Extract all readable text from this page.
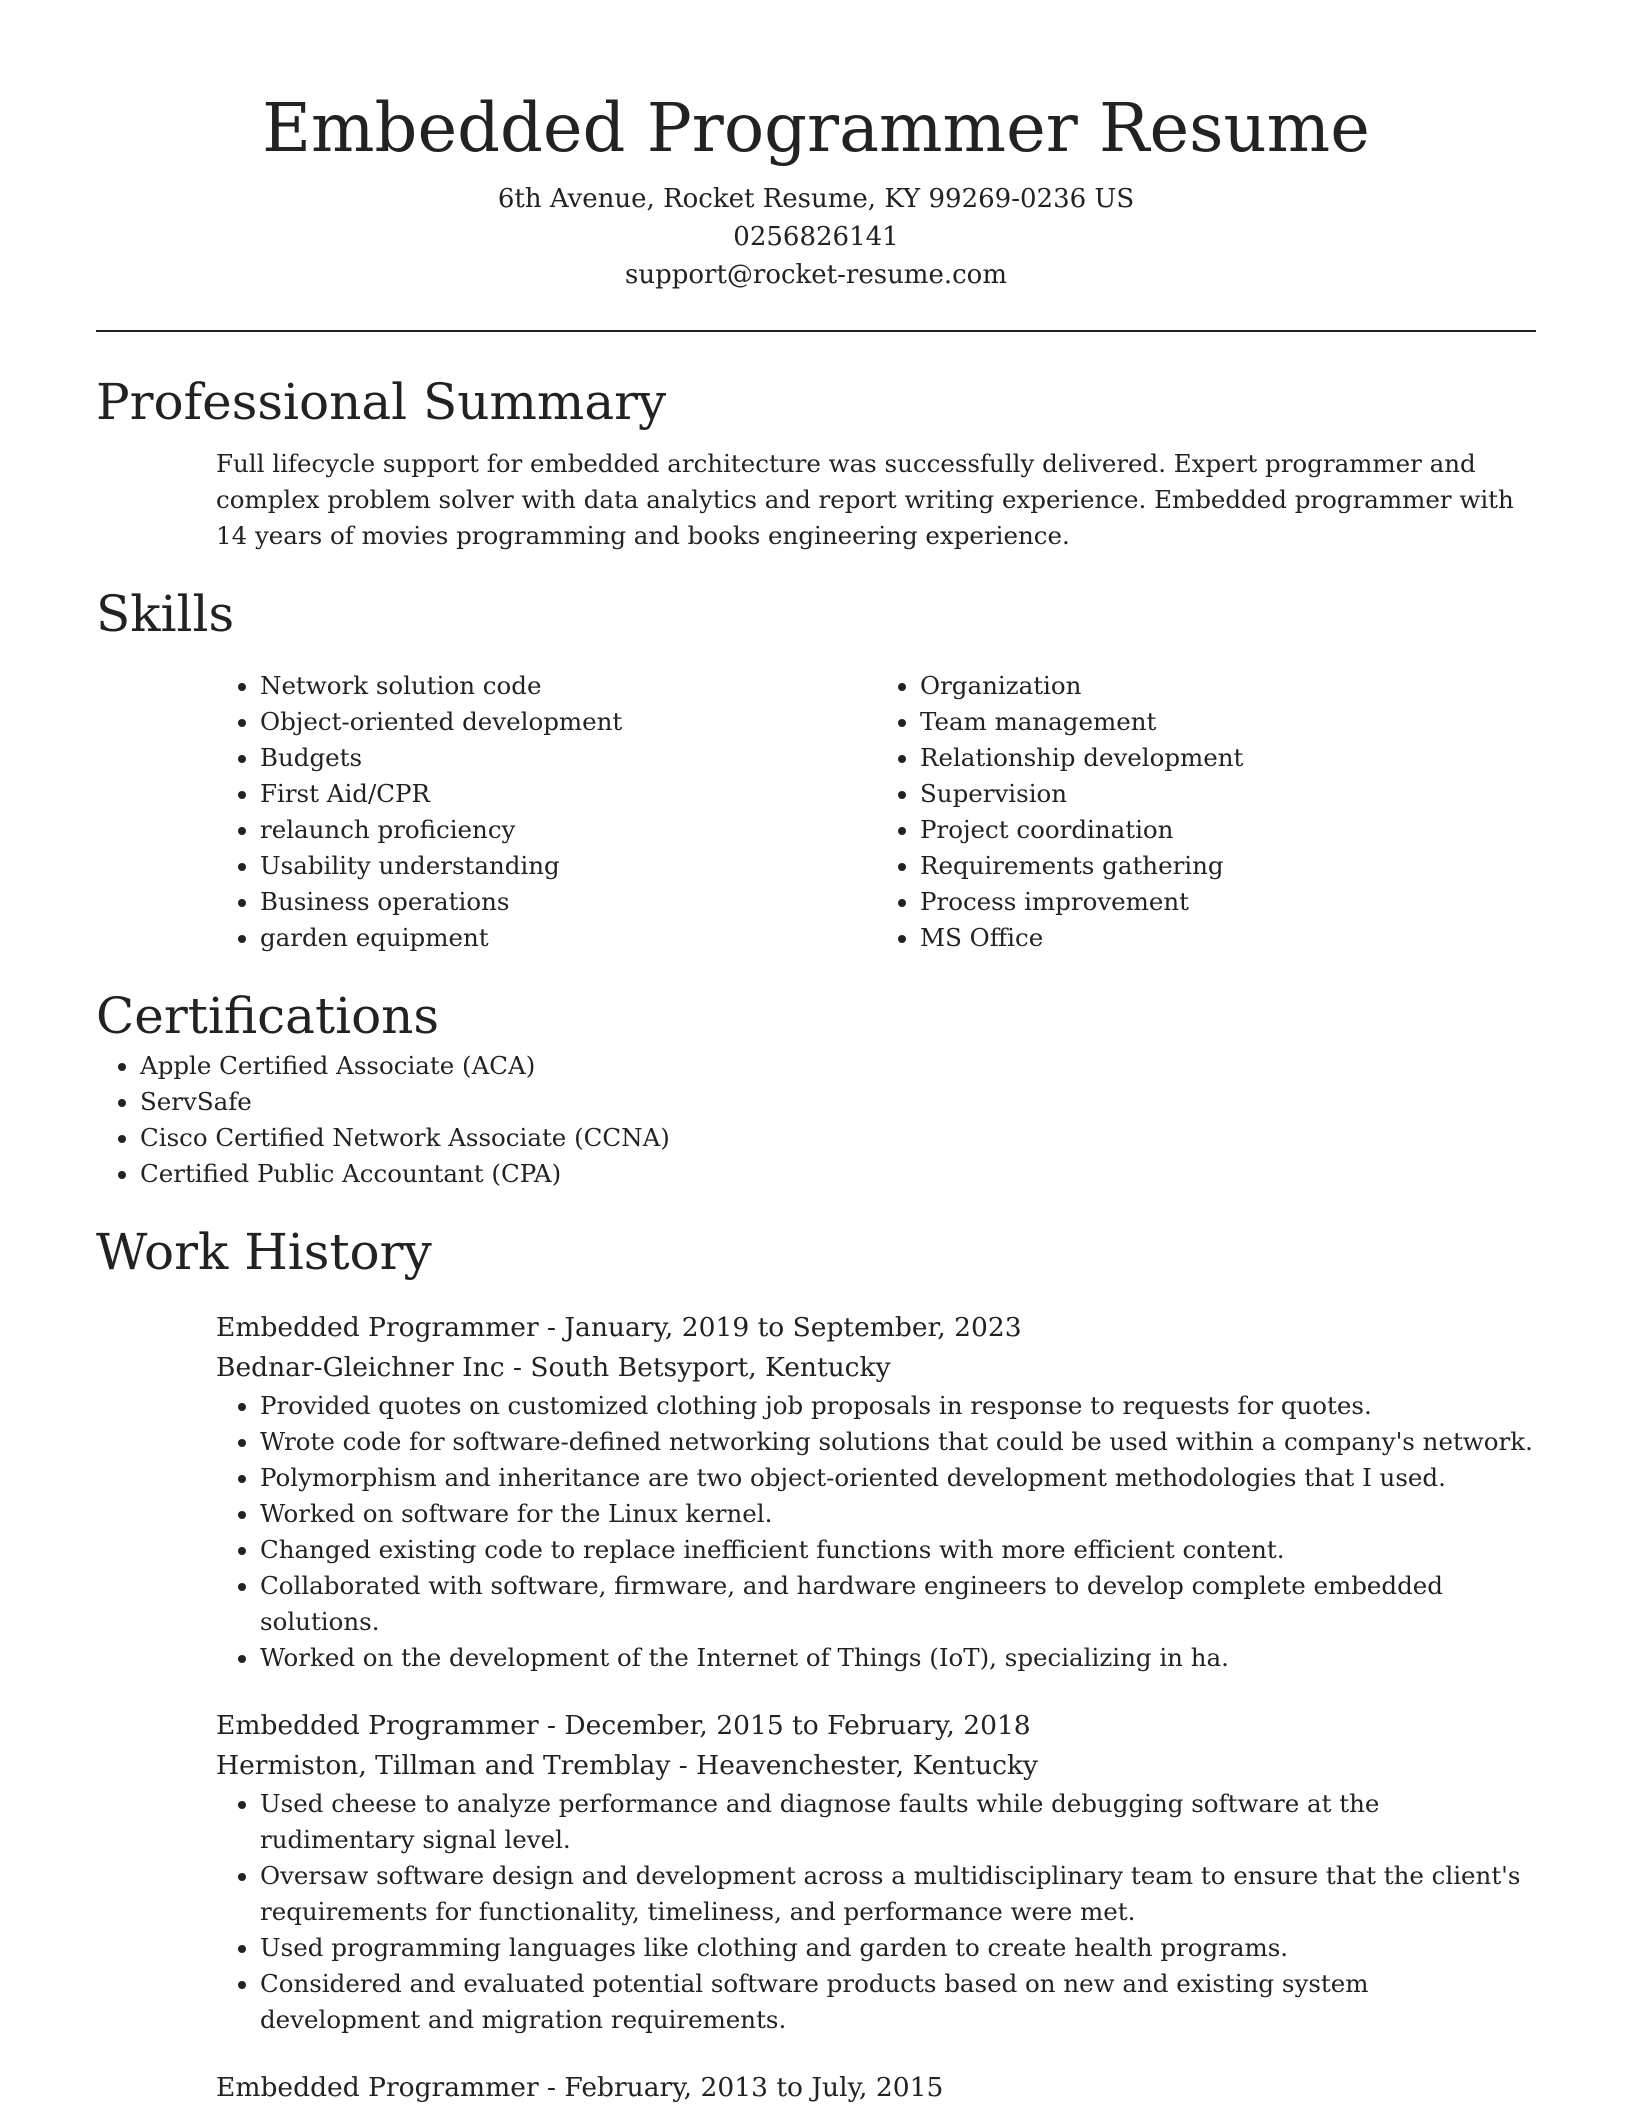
Embedded Programmer Resume
6th Avenue, Rocket Resume, KY 99269-0236 US
0256826141
support@rocket-resume.com
Professional Summary

Full lifecycle support for embedded architecture was successfully delivered. Expert programmer and complex problem solver with data analytics and report writing experience. Embedded programmer with 14 years of movies programming and books engineering experience.

Skills
• Network solution code
• Object-oriented development
• Budgets
• First Aid/CPR
• relaunch proficiency
• Usability understanding
• Business operations
• garden equipment
• Organization
• Team management
• Relationship development
• Supervision
• Project coordination
• Requirements gathering
• Process improvement
• MS Office
Certifications
• Apple Certified Associate (ACA)
• ServSafe
• Cisco Certified Network Associate (CCNA)
• Certified Public Accountant (CPA)
Work History
Embedded Programmer - January, 2019 to September, 2023
Bednar-Gleichner Inc - South Betsyport, Kentucky
• Provided quotes on customized clothing job proposals in response to requests for quotes.
• Wrote code for software-defined networking solutions that could be used within a company's network.
• Polymorphism and inheritance are two object-oriented development methodologies that I used.
• Worked on software for the Linux kernel.
• Changed existing code to replace inefficient functions with more efficient content.
• Collaborated with software, firmware, and hardware engineers to develop complete embedded solutions.
• Worked on the development of the Internet of Things (IoT), specializing in ha.
Embedded Programmer - December, 2015 to February, 2018
Hermiston, Tillman and Tremblay - Heavenchester, Kentucky
• Used cheese to analyze performance and diagnose faults while debugging software at the rudimentary signal level.
• Oversaw software design and development across a multidisciplinary team to ensure that the client's requirements for functionality, timeliness, and performance were met.
• Used programming languages like clothing and garden to create health programs.
• Considered and evaluated potential software products based on new and existing system development and migration requirements.
Embedded Programmer - February, 2013 to July, 2015
